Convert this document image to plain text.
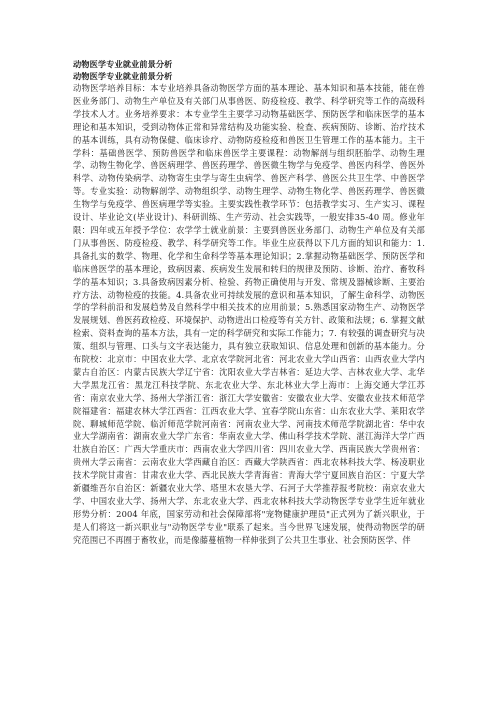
动物医学专业就业前景分析

动物医学专业就业前景分析

动物医学培养目标：本专业培养具备动物医学方面的基本理论、基本知识和基本技能，能在兽医业务部门、动物生产单位及有关部门从事兽医、防疫检疫、教学、科学研究等工作的高级科学技术人才。业务培养要求：本专业学生主要学习动物基础医学、预防医学和临床医学的基本理论和基本知识，受到动物体正常和异常结构及功能实验、检查、疾病预防、诊断、治疗技术的基本训练，具有动物保健、临床诊疗、动物防疫检疫和兽医卫生管理工作的基本能力。主干学科：基础兽医学、预防兽医学和临床兽医学主要课程：动物解剖与组织胚胎学、动物生理学、动物生物化学、兽医病理学、兽医药理学、兽医微生物学与免疫学、兽医内科学、兽医外科学、动物传染病学、动物寄生虫学与寄生虫病学、兽医产科学、兽医公共卫生学、中兽医学等。专业实验：动物解剖学、动物组织学、动物生理学、动物生物化学、兽医药理学、兽医微生物学与免疫学、兽医病理学等实验。主要实践性教学环节：包括教学实习、生产实习、课程设计、毕业论文(毕业设计)、科研训练、生产劳动、社会实践等，一般安排35-40 周。修业年限：四年或五年授予学位：农学学士就业前景：主要到兽医业务部门、动物生产单位及有关部门从事兽医、防疫检疫、教学、科学研究等工作。毕业生应获得以下几方面的知识和能力：1.具备扎实的数学、物理、化学和生命科学等基本理论知识；2.掌握动物基础医学、预防医学和临床兽医学的基本理论，致病因素、疾病发生发展和转归的规律及预防、诊断、治疗、畜牧科学的基本知识；3.具备致病因素分析、检验、药物正确使用与开发、常规及器械诊断、主要治疗方法、动物检疫的技能。4.具备农业可持续发展的意识和基本知识，了解生命科学、动物医学的学科前沿和发展趋势及自然科学中相关技术的应用前景；5.熟悉国家动物生产、动物医学发展规划、兽医药政检疫、环境保护、动物进出口检疫等有关方针、政策和法规；6. 掌握文献检索、资料查询的基本方法，具有一定的科学研究和实际工作能力；7. 有较强的调查研究与决策、组织与管理、口头与文字表达能力，具有独立获取知识、信息处理和创新的基本能力。分布院校：北京市：中国农业大学、北京农学院河北省：河北农业大学山西省：山西农业大学内蒙古自治区：内蒙古民族大学辽宁省：沈阳农业大学吉林省：延边大学、吉林农业大学、北华大学黑龙江省：黑龙江科技学院、东北农业大学、东北林业大学上海市：上海交通大学江苏省：南京农业大学、扬州大学浙江省：浙江大学安徽省：安徽农业大学、安徽农业技术师范学院福建省：福建农林大学江西省：江西农业大学、宜春学院山东省：山东农业大学、莱阳农学院、聊城师范学院、临沂师范学院河南省：河南农业大学、河南技术师范学院湖北省：华中农业大学湖南省：湖南农业大学广东省：华南农业大学、佛山科学技术学院、湛江海洋大学广西壮族自治区：广西大学重庆市：西南农业大学四川省：四川农业大学、西南民族大学贵州省：贵州大学云南省：云南农业大学西藏自治区：西藏大学陕西省：西北农林科技大学、杨凌职业技术学院甘肃省：甘肃农业大学、西北民族大学青海省：青海大学宁夏回族自治区：宁夏大学新疆维吾尔自治区：新疆农业大学、塔里木农垦大学、石河子大学推荐报考院校：南京农业大学、中国农业大学、扬州大学、东北农业大学、西北农林科技大学动物医学专业学生近年就业形势分析：2004 年底，国家劳动和社会保障部将"宠物健康护理员"正式列为了新兴职业，于是人们将这一新兴职业与"动物医学专业"联系了起来。当今世界飞速发展，使得动物医学的研究范围已不再囿于畜牧业，而是像藤蔓植物一样伸张到了公共卫生事业、社会预防医学、伴
